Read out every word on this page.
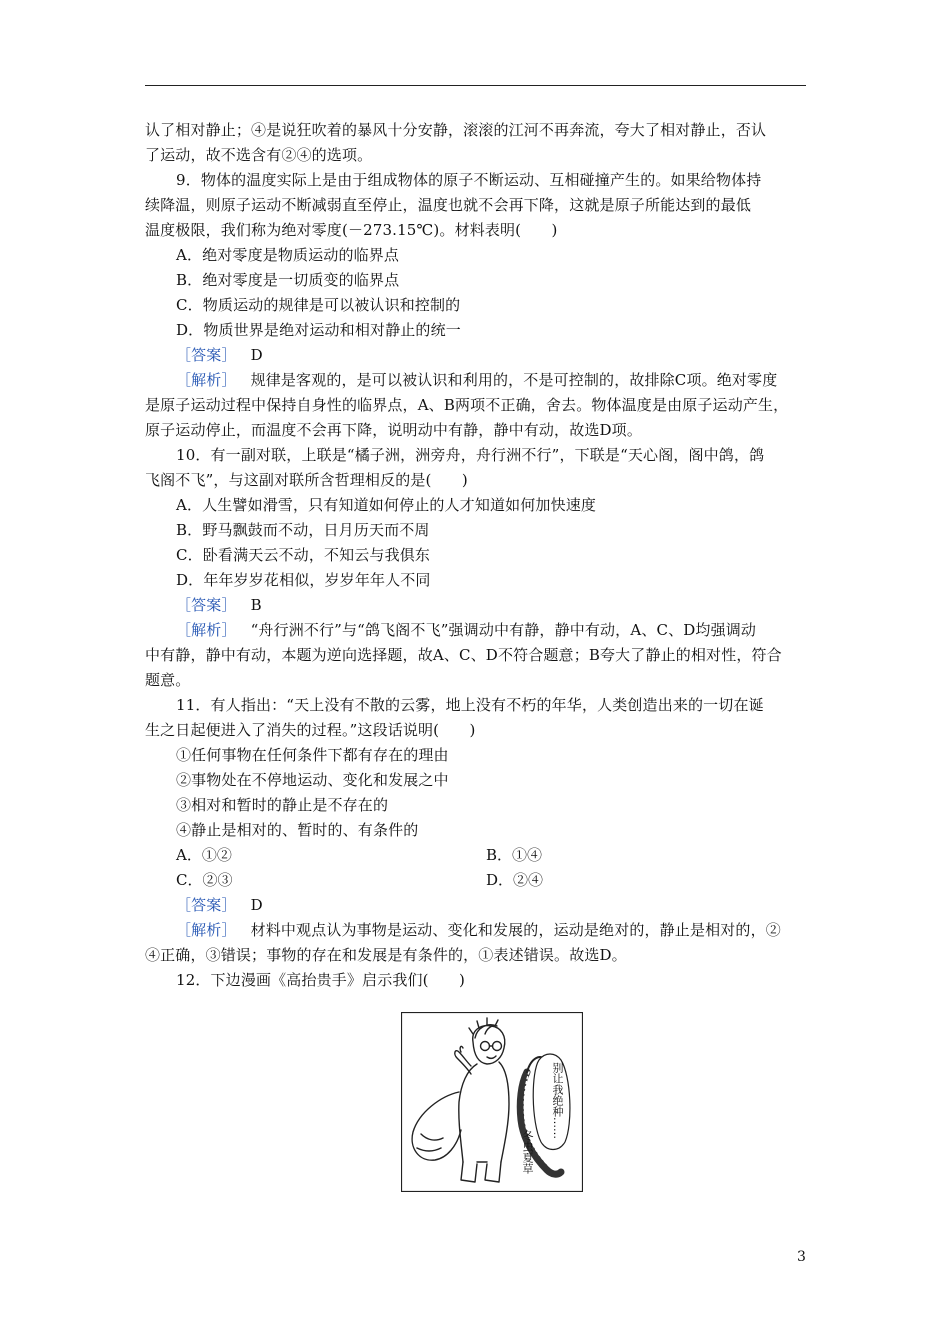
认了相对静止；④是说狂吹着的暴风十分安静，滚滚的江河不再奔流，夸大了相对静止，否认
了运动，故不选含有②④的选项。
9．物体的温度实际上是由于组成物体的原子不断运动、互相碰撞产生的。如果给物体持
续降温，则原子运动不断减弱直至停止，温度也就不会再下降，这就是原子所能达到的最低
温度极限，我们称为绝对零度(－273.15℃)。材料表明(　　)
A．绝对零度是物质运动的临界点
B．绝对零度是一切质变的临界点
C．物质运动的规律是可以被认识和控制的
D．物质世界是绝对运动和相对静止的统一
［答案］ D
［解析］ 规律是客观的，是可以被认识和利用的，不是可控制的，故排除C项。绝对零度
是原子运动过程中保持自身性的临界点，A、B两项不正确，舍去。物体温度是由原子运动产生，
原子运动停止，而温度不会再下降，说明动中有静，静中有动，故选D项。
10．有一副对联，上联是“橘子洲，洲旁舟，舟行洲不行”，下联是“天心阁，阁中鸽，鸽
飞阁不飞”，与这副对联所含哲理相反的是(　　)
A．人生譬如滑雪，只有知道如何停止的人才知道如何加快速度
B．野马飘鼓而不动，日月历天而不周
C．卧看满天云不动，不知云与我俱东
D．年年岁岁花相似，岁岁年年人不同
［答案］ B
［解析］ “舟行洲不行”与“鸽飞阁不飞”强调动中有静，静中有动，A、C、D均强调动
中有静，静中有动，本题为逆向选择题，故A、C、D不符合题意；B夸大了静止的相对性，符合
题意。
11．有人指出：“天上没有不散的云雾，地上没有不朽的年华，人类创造出来的一切在诞
生之日起便进入了消失的过程。”这段话说明(　　)
①任何事物在任何条件下都有存在的理由
②事物处在不停地运动、变化和发展之中
③相对和暂时的静止是不存在的
④静止是相对的、暂时的、有条件的
A．①②	B．①④
C．②③	D．②④
［答案］ D
［解析］ 材料中观点认为事物是运动、变化和发展的，运动是绝对的，静止是相对的，②
④正确，③错误；事物的存在和发展是有条件的，①表述错误。故选D。
12．下边漫画《高抬贵手》启示我们(　　)
别让我绝种……
冬虫夏草
3
